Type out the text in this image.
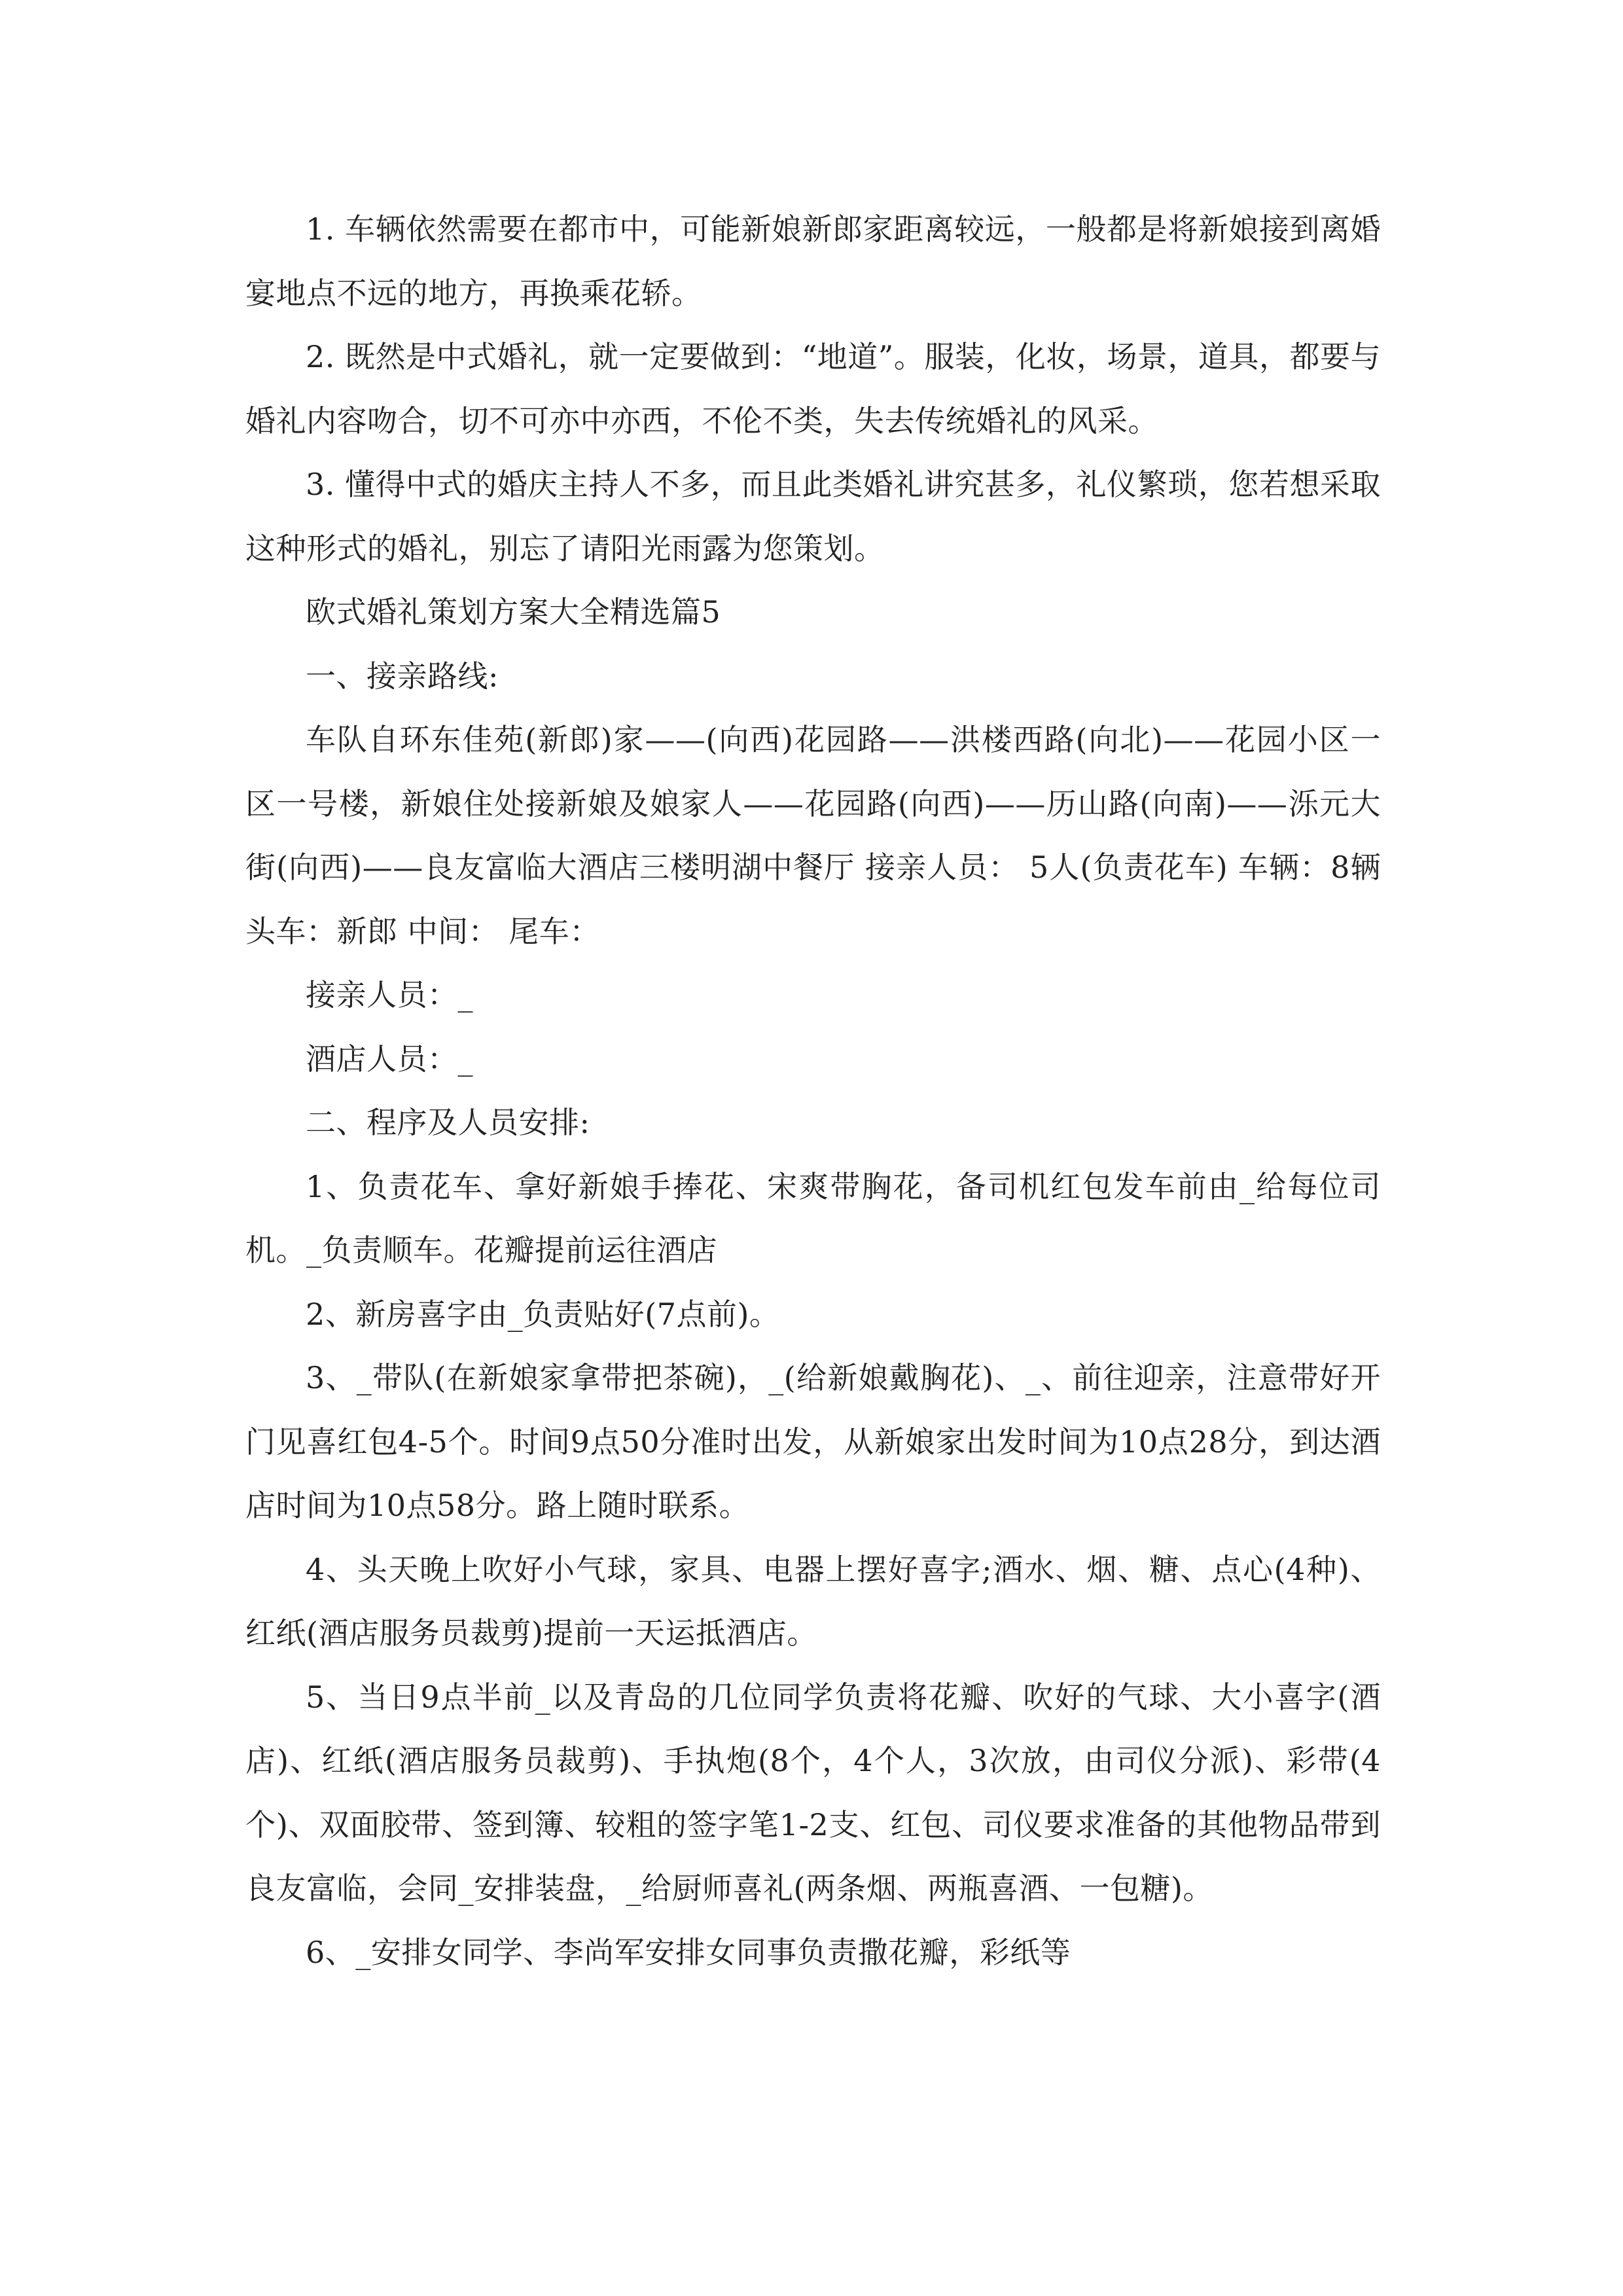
1. 车辆依然需要在都市中，可能新娘新郎家距离较远，一般都是将新娘接到离婚宴地点不远的地方，再换乘花轿。

2. 既然是中式婚礼，就一定要做到：“地道”。服装，化妆，场景，道具，都要与婚礼内容吻合，切不可亦中亦西，不伦不类，失去传统婚礼的风采。

3. 懂得中式的婚庆主持人不多，而且此类婚礼讲究甚多，礼仪繁琐，您若想采取这种形式的婚礼，别忘了请阳光雨露为您策划。

欧式婚礼策划方案大全精选篇5

一、接亲路线:

车队自环东佳苑(新郎)家——(向西)花园路——洪楼西路(向北)——花园小区一区一号楼，新娘住处接新娘及娘家人——花园路(向西)——历山路(向南)——泺元大街(向西)——良友富临大酒店三楼明湖中餐厅 接亲人员： 5人(负责花车) 车辆：8辆 头车：新郎 中间： 尾车：

接亲人员：_

酒店人员：_

二、程序及人员安排:

1、负责花车、拿好新娘手捧花、宋爽带胸花，备司机红包发车前由_给每位司机。_负责顺车。花瓣提前运往酒店

2、新房喜字由_负责贴好(7点前)。

3、_带队(在新娘家拿带把茶碗)，_(给新娘戴胸花)、_、前往迎亲，注意带好开门见喜红包4-5个。时间9点50分准时出发，从新娘家出发时间为10点28分，到达酒店时间为10点58分。路上随时联系。

4、头天晚上吹好小气球，家具、电器上摆好喜字;酒水、烟、糖、点心(4种)、红纸(酒店服务员裁剪)提前一天运抵酒店。

5、当日9点半前_以及青岛的几位同学负责将花瓣、吹好的气球、大小喜字(酒店)、红纸(酒店服务员裁剪)、手执炮(8个，4个人，3次放，由司仪分派)、彩带(4个)、双面胶带、签到簿、较粗的签字笔1-2支、红包、司仪要求准备的其他物品带到良友富临，会同_安排装盘，_给厨师喜礼(两条烟、两瓶喜酒、一包糖)。

6、_安排女同学、李尚军安排女同事负责撒花瓣，彩纸等
